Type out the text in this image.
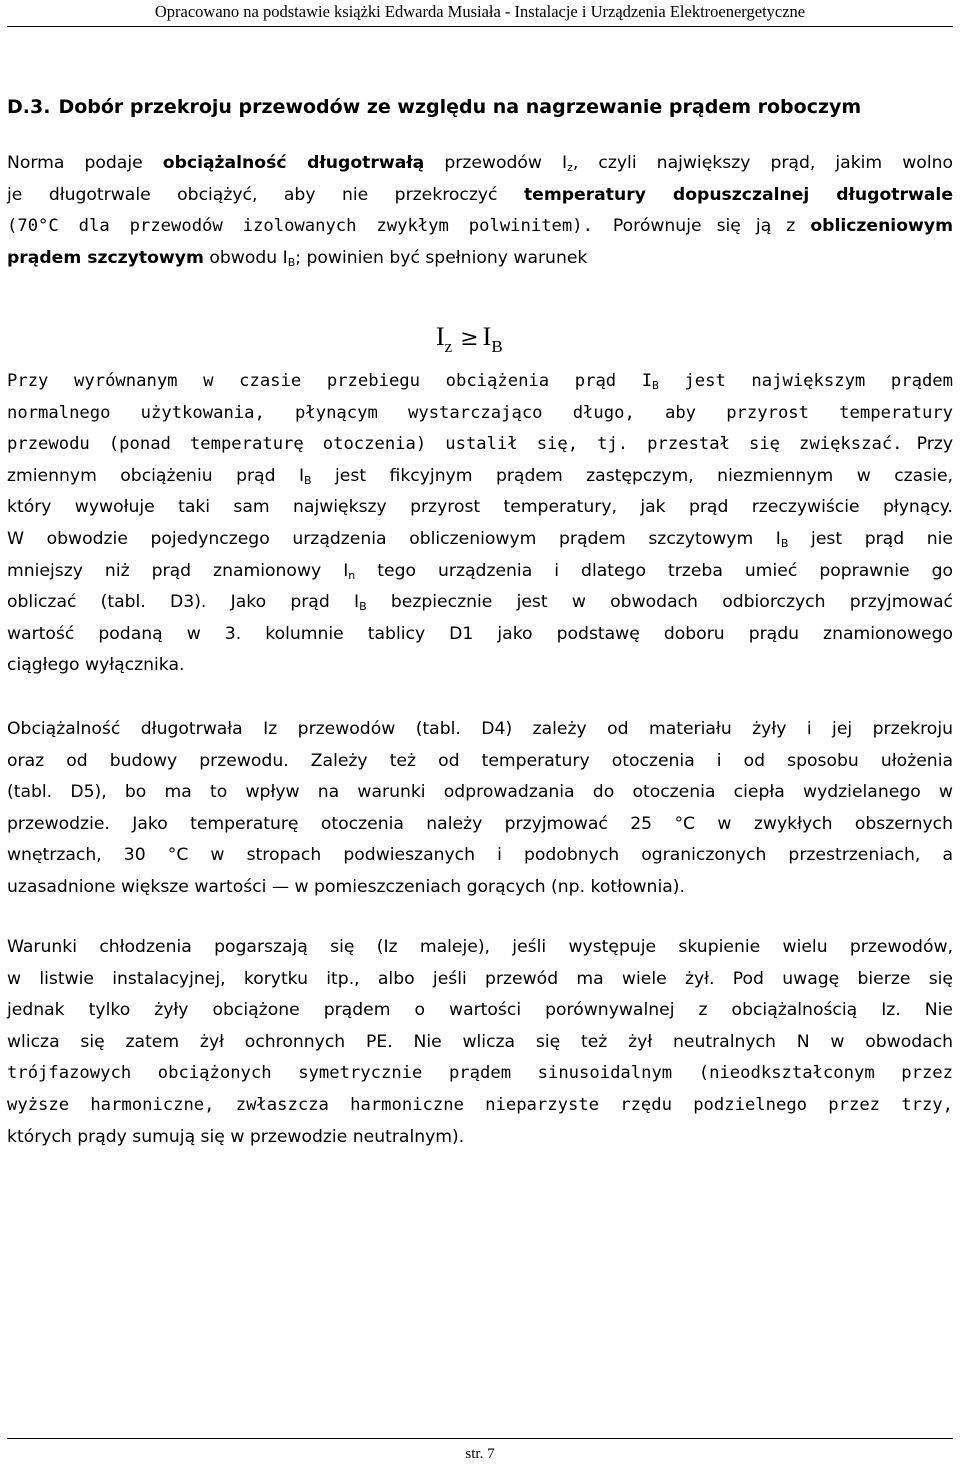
Opracowano na podstawie książki Edwarda Musiała - Instalacje i Urządzenia Elektroenergetyczne
D.3. Dobór przekroju przewodów ze względu na nagrzewanie prądem roboczym
Norma podaje obciążalność długotrwałą przewodów $I_z$, czyli największy prąd, jakim wolno
je długotrwale obciążyć, aby nie przekroczyć temperatury dopuszczalnej długotrwale
(70°C dla przewodów izolowanych zwykłym polwinitem). Porównuje się ją z obliczeniowym
prądem szczytowym obwodu $I_B$; powinien być spełniony warunek
$I_z \ge I_B$
Przy wyrównanym w czasie przebiegu obciążenia prąd $I_B$ jest największym prądem
normalnego użytkowania, płynącym wystarczająco długo, aby przyrost temperatury
przewodu (ponad temperaturę otoczenia) ustalił się, tj. przestał się zwiększać. Przy
zmiennym obciążeniu prąd $I_B$ jest fikcyjnym prądem zastępczym, niezmiennym w czasie,
który wywołuje taki sam największy przyrost temperatury, jak prąd rzeczywiście płynący.
W obwodzie pojedynczego urządzenia obliczeniowym prądem szczytowym $I_B$ jest prąd nie
mniejszy niż prąd znamionowy $I_n$ tego urządzenia i dlatego trzeba umieć poprawnie go
obliczać (tabl. D3). Jako prąd $I_B$ bezpiecznie jest w obwodach odbiorczych przyjmować
wartość podaną w 3. kolumnie tablicy D1 jako podstawę doboru prądu znamionowego
ciągłego wyłącznika.
Obciążalność długotrwała Iz przewodów (tabl. D4) zależy od materiału żyły i jej przekroju
oraz od budowy przewodu. Zależy też od temperatury otoczenia i od sposobu ułożenia
(tabl. D5), bo ma to wpływ na warunki odprowadzania do otoczenia ciepła wydzielanego w
przewodzie. Jako temperaturę otoczenia należy przyjmować 25 °C w zwykłych obszernych
wnętrzach, 30 °C w stropach podwieszanych i podobnych ograniczonych przestrzeniach, a
uzasadnione większe wartości — w pomieszczeniach gorących (np. kotłownia).
Warunki chłodzenia pogarszają się (Iz maleje), jeśli występuje skupienie wielu przewodów,
w listwie instalacyjnej, korytku itp., albo jeśli przewód ma wiele żył. Pod uwagę bierze się
jednak tylko żyły obciążone prądem o wartości porównywalnej z obciążalnością Iz. Nie
wlicza się zatem żył ochronnych PE. Nie wlicza się też żył neutralnych N w obwodach
trójfazowych obciążonych symetrycznie prądem sinusoidalnym (nieodkształconym przez
wyższe harmoniczne, zwłaszcza harmoniczne nieparzyste rzędu podzielnego przez trzy,
których prądy sumują się w przewodzie neutralnym).
str. 7
